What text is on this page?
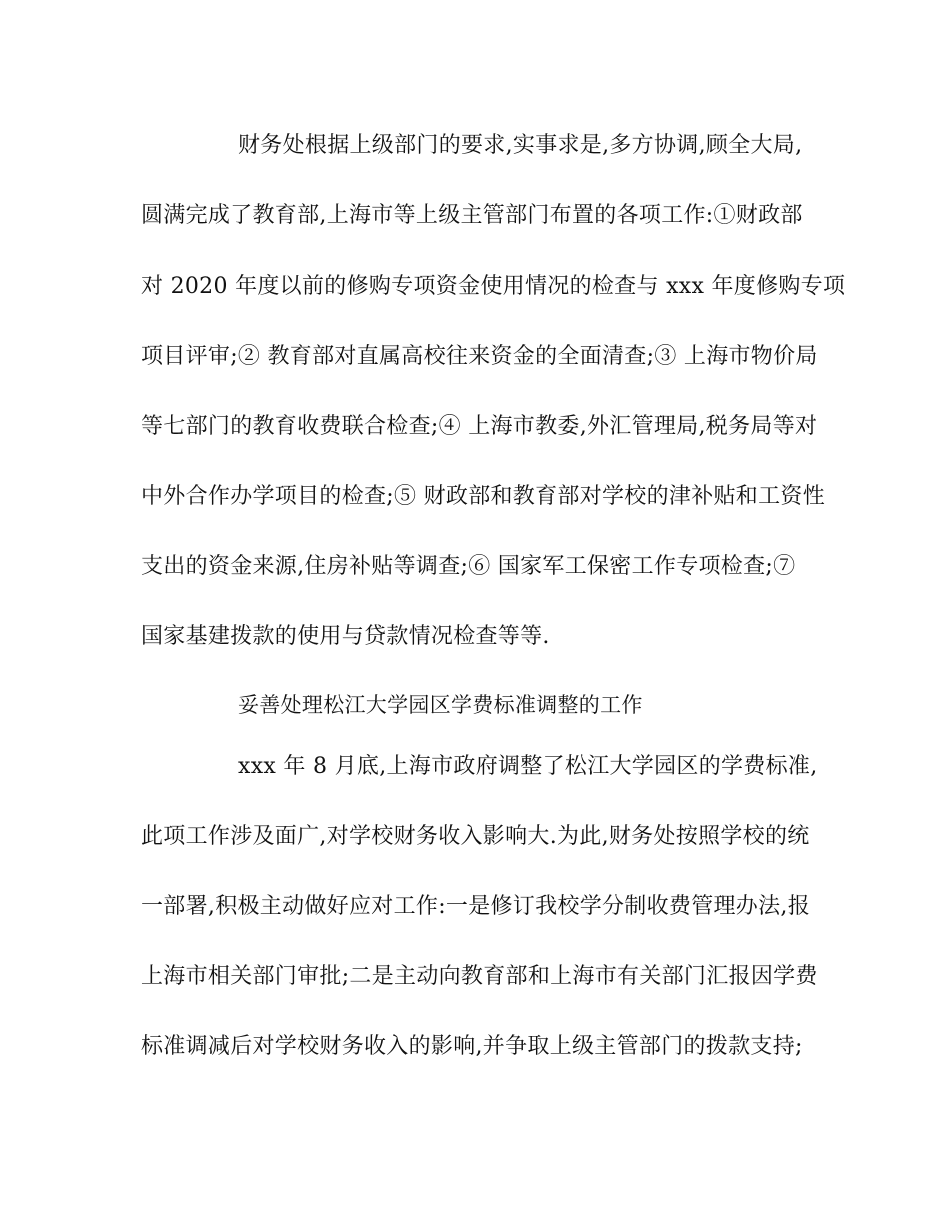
财务处根据上级部门的要求,实事求是,多方协调,顾全大局,
圆满完成了教育部,上海市等上级主管部门布置的各项工作:①财政部
对 2020 年度以前的修购专项资金使用情况的检查与 xxx 年度修购专项
项目评审;② 教育部对直属高校往来资金的全面清查;③ 上海市物价局
等七部门的教育收费联合检查;④ 上海市教委,外汇管理局,税务局等对
中外合作办学项目的检查;⑤ 财政部和教育部对学校的津补贴和工资性
支出的资金来源,住房补贴等调查;⑥ 国家军工保密工作专项检查;⑦
国家基建拨款的使用与贷款情况检查等等.
妥善处理松江大学园区学费标准调整的工作
xxx 年 8 月底,上海市政府调整了松江大学园区的学费标准,
此项工作涉及面广,对学校财务收入影响大.为此,财务处按照学校的统
一部署,积极主动做好应对工作:一是修订我校学分制收费管理办法,报
上海市相关部门审批;二是主动向教育部和上海市有关部门汇报因学费
标准调减后对学校财务收入的影响,并争取上级主管部门的拨款支持;
